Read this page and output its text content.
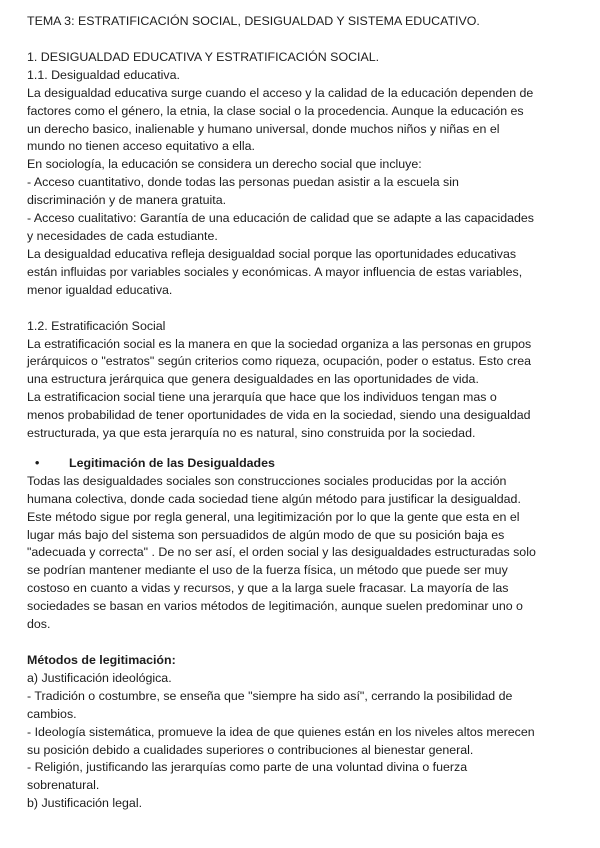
TEMA 3: ESTRATIFICACIÓN SOCIAL, DESIGUALDAD Y SISTEMA EDUCATIVO.
1. DESIGUALDAD EDUCATIVA Y ESTRATIFICACIÓN SOCIAL.
1.1. Desigualdad educativa.
La desigualdad educativa surge cuando el acceso y la calidad de la educación dependen de
factores como el género, la etnia, la clase social o la procedencia. Aunque la educación es
un derecho basico, inalienable y humano universal, donde muchos niños y niñas en el
mundo no tienen acceso equitativo a ella.
En sociología, la educación se considera un derecho social que incluye:
- Acceso cuantitativo, donde todas las personas puedan asistir a la escuela sin
discriminación y de manera gratuita.
- Acceso cualitativo: Garantía de una educación de calidad que se adapte a las capacidades
y necesidades de cada estudiante.
La desigualdad educativa refleja desigualdad social porque las oportunidades educativas
están influidas por variables sociales y económicas. A mayor influencia de estas variables,
menor igualdad educativa.
1.2. Estratificación Social
La estratificación social es la manera en que la sociedad organiza a las personas en grupos
jerárquicos o "estratos" según criterios como riqueza, ocupación, poder o estatus. Esto crea
una estructura jerárquica que genera desigualdades en las oportunidades de vida.
La estratificacion social tiene una jerarquía que hace que los individuos tengan mas o
menos probabilidad de tener oportunidades de vida en la sociedad, siendo una desigualdad
estructurada, ya que esta jerarquía no es natural, sino construida por la sociedad.
• Legitimación de las Desigualdades
Todas las desigualdades sociales son construcciones sociales producidas por la acción
humana colectiva, donde cada sociedad tiene algún método para justificar la desigualdad.
Este método sigue por regla general, una legitimización por lo que la gente que esta en el
lugar más bajo del sistema son persuadidos de algún modo de que su posición baja es
"adecuada y correcta" . De no ser así, el orden social y las desigualdades estructuradas solo
se podrían mantener mediante el uso de la fuerza física, un método que puede ser muy
costoso en cuanto a vidas y recursos, y que a la larga suele fracasar. La mayoría de las
sociedades se basan en varios métodos de legitimación, aunque suelen predominar uno o
dos.
Métodos de legitimación:
a) Justificación ideológica.
- Tradición o costumbre, se enseña que "siempre ha sido así", cerrando la posibilidad de
cambios.
- Ideología sistemática, promueve la idea de que quienes están en los niveles altos merecen
su posición debido a cualidades superiores o contribuciones al bienestar general.
- Religión, justificando las jerarquías como parte de una voluntad divina o fuerza
sobrenatural.
b) Justificación legal.
